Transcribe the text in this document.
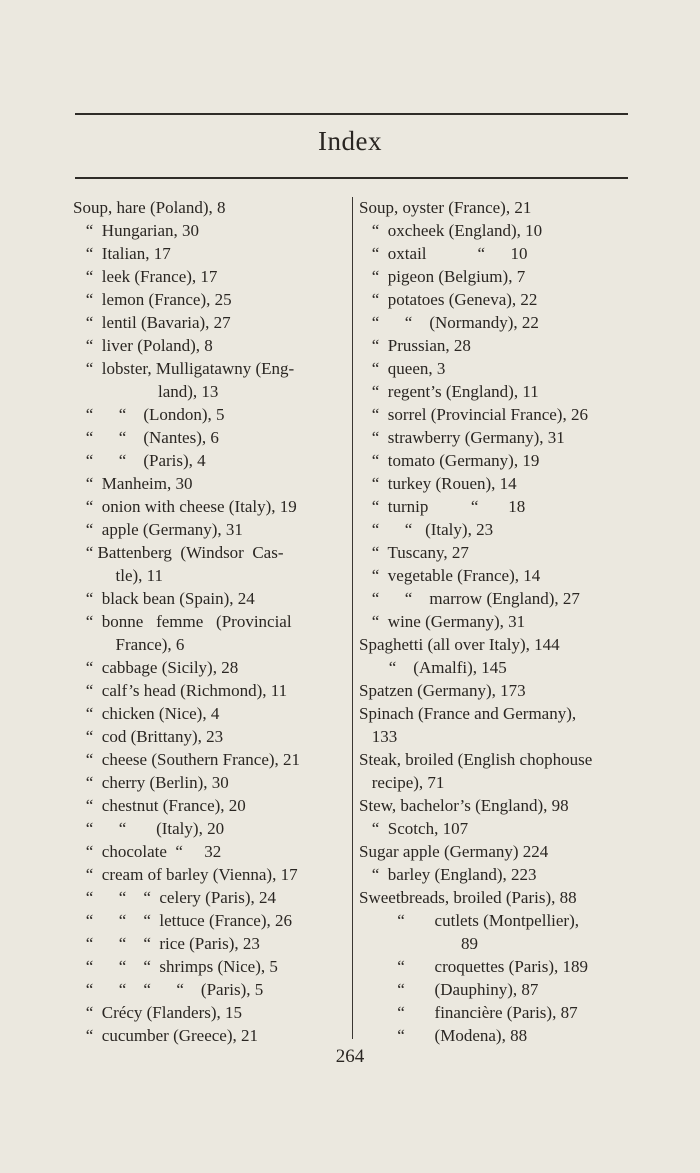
Index
Soup, hare (Poland), 8
“  Hungarian, 30
“  Italian, 17
“  leek (France), 17
“  lemon (France), 25
“  lentil (Bavaria), 27
“  liver (Poland), 8
“  lobster, Mulligatawny (Eng-
land), 13
“      “    (London), 5
“      “    (Nantes), 6
“      “    (Paris), 4
“  Manheim, 30
“  onion with cheese (Italy), 19
“  apple (Germany), 31
“ Battenberg  (Windsor  Cas-
tle), 11
“  black bean (Spain), 24
“  bonne   femme   (Provincial
France), 6
“  cabbage (Sicily), 28
“  calf’s head (Richmond), 11
“  chicken (Nice), 4
“  cod (Brittany), 23
“  cheese (Southern France), 21
“  cherry (Berlin), 30
“  chestnut (France), 20
“      “       (Italy), 20
“  chocolate  “     32
“  cream of barley (Vienna), 17
“      “    “  celery (Paris), 24
“      “    “  lettuce (France), 26
“      “    “  rice (Paris), 23
“      “    “  shrimps (Nice), 5
“      “    “      “    (Paris), 5
“  Crécy (Flanders), 15
“  cucumber (Greece), 21
Soup, oyster (France), 21
“  oxcheek (England), 10
“  oxtail            “      10
“  pigeon (Belgium), 7
“  potatoes (Geneva), 22
“      “    (Normandy), 22
“  Prussian, 28
“  queen, 3
“  regent’s (England), 11
“  sorrel (Provincial France), 26
“  strawberry (Germany), 31
“  tomato (Germany), 19
“  turkey (Rouen), 14
“  turnip          “       18
“      “   (Italy), 23
“  Tuscany, 27
“  vegetable (France), 14
“      “    marrow (England), 27
“  wine (Germany), 31
Spaghetti (all over Italy), 144
“    (Amalfi), 145
Spatzen (Germany), 173
Spinach (France and Germany),
133
Steak, broiled (English chophouse
recipe), 71
Stew, bachelor’s (England), 98
“  Scotch, 107
Sugar apple (Germany) 224
“  barley (England), 223
Sweetbreads, broiled (Paris), 88
“       cutlets (Montpellier),
89
“       croquettes (Paris), 189
“       (Dauphiny), 87
“       financière (Paris), 87
“       (Modena), 88
264
